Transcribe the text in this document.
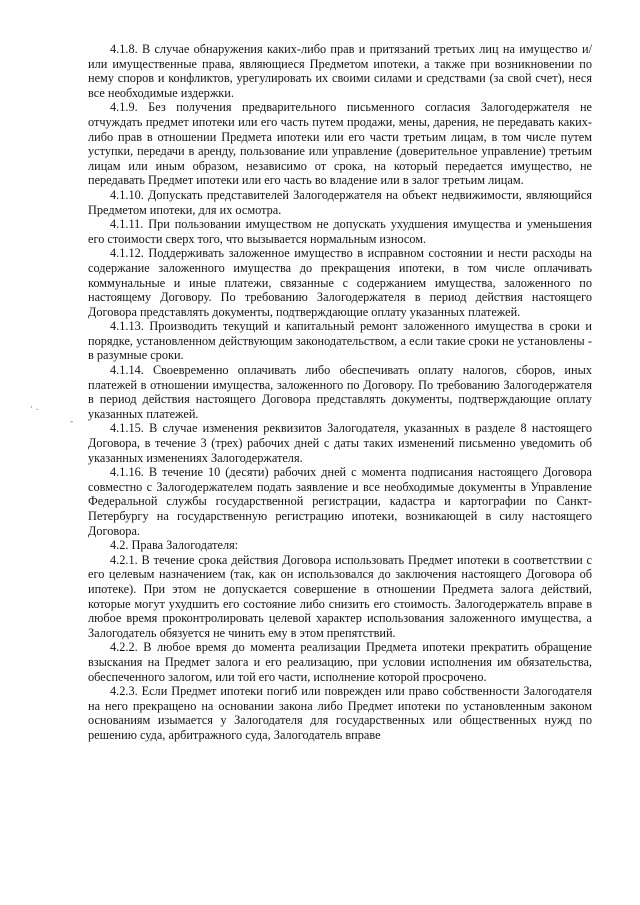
4.1.8. В случае обнаружения каких-либо прав и притязаний третьих лиц на имущество и/или имущественные права, являющиеся Предметом ипотеки, а также при возникновении по нему споров и конфликтов, урегулировать их своими силами и средствами (за свой счет), неся все необходимые издержки.

4.1.9. Без получения предварительного письменного согласия Залогодержателя не отчуждать предмет ипотеки или его часть путем продажи, мены, дарения, не передавать каких-либо прав в отношении Предмета ипотеки или его части третьим лицам, в том числе путем уступки, передачи в аренду, пользование или управление (доверительное управление) третьим лицам или иным образом, независимо от срока, на который передается имущество, не передавать Предмет ипотеки или его часть во владение или в залог третьим лицам.

4.1.10. Допускать представителей Залогодержателя на объект недвижимости, являющийся Предметом ипотеки, для их осмотра.

4.1.11. При пользовании имуществом не допускать ухудшения имущества и уменьшения его стоимости сверх того, что вызывается нормальным износом.

4.1.12. Поддерживать заложенное имущество в исправном состоянии и нести расходы на содержание заложенного имущества до прекращения ипотеки, в том числе оплачивать коммунальные и иные платежи, связанные с содержанием имущества, заложенного по настоящему Договору. По требованию Залогодержателя в период действия настоящего Договора представлять документы, подтверждающие оплату указанных платежей.

4.1.13. Производить текущий и капитальный ремонт заложенного имущества в сроки и порядке, установленном действующим законодательством, а если такие сроки не установлены - в разумные сроки.

4.1.14. Своевременно оплачивать либо обеспечивать оплату налогов, сборов, иных платежей в отношении имущества, заложенного по Договору. По требованию Залогодержателя в период действия настоящего Договора представлять документы, подтверждающие оплату указанных платежей.

4.1.15. В случае изменения реквизитов Залогодателя, указанных в разделе 8 настоящего Договора, в течение 3 (трех) рабочих дней с даты таких изменений письменно уведомить об указанных изменениях Залогодержателя.

4.1.16. В течение 10 (десяти) рабочих дней с момента подписания настоящего Договора совместно с Залогодержателем подать заявление и все необходимые документы в Управление Федеральной службы государственной регистрации, кадастра и картографии по Санкт-Петербургу на государственную регистрацию ипотеки, возникающей в силу настоящего Договора.

4.2. Права Залогодателя:

4.2.1. В течение срока действия Договора использовать Предмет ипотеки в соответствии с его целевым назначением (так, как он использовался до заключения настоящего Договора об ипотеке). При этом не допускается совершение в отношении Предмета залога действий, которые могут ухудшить его состояние либо снизить его стоимость. Залогодержатель вправе в любое время проконтролировать целевой характер использования заложенного имущества, а Залогодатель обязуется не чинить ему в этом препятствий.

4.2.2. В любое время до момента реализации Предмета ипотеки прекратить обращение взыскания на Предмет залога и его реализацию, при условии исполнения им обязательства, обеспеченного залогом, или той его части, исполнение которой просрочено.

4.2.3. Если Предмет ипотеки погиб или поврежден или право собственности Залогодателя на него прекращено на основании закона либо Предмет ипотеки по установленным законом основаниям изымается у Залогодателя для государственных или общественных нужд по решению суда, арбитражного суда, Залогодатель вправе

· .
-
